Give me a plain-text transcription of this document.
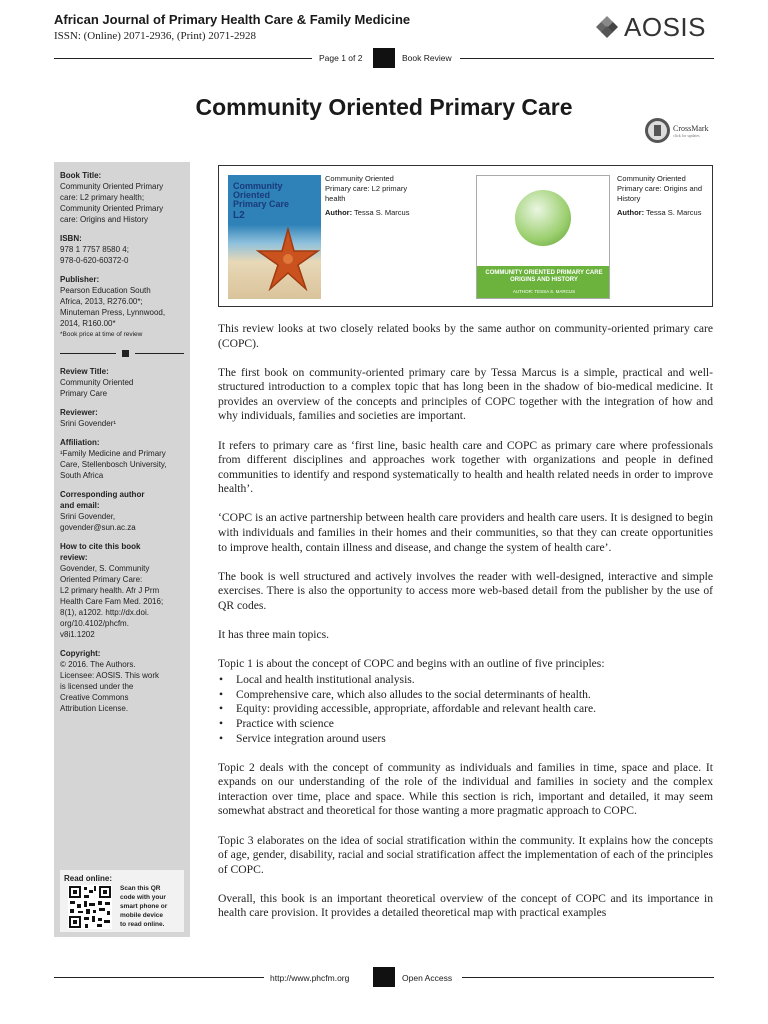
African Journal of Primary Health Care & Family Medicine
ISSN: (Online) 2071-2936, (Print) 2071-2928	AOSIS
Page 1 of 2	Book Review
Community Oriented Primary Care
CrossMark
click for updates
Book Title:
Community Oriented Primary
care: L2 primary health;
Community Oriented Primary
care: Origins and History
ISBN:
978 1 7757 8580 4;
978-0-620-60372-0
Publisher:
Pearson Education South
Africa, 2013, R276.00*;
Minuteman Press, Lynnwood,
2014, R160.00*
*Book price at time of review
Review Title:
Community Oriented
Primary Care
Reviewer:
Srini Govender¹
Affiliation:
¹Family Medicine and Primary
Care, Stellenbosch University,
South Africa
Corresponding author
and email:
Srini Govender,
govender@sun.ac.za
How to cite this book
review:
Govender, S. Community
Oriented Primary Care:
L2 primary health. Afr J Prm
Health Care Fam Med. 2016;
8(1), a1202. http://dx.doi.
org/10.4102/phcfm.
v8i1.1202
Copyright:
© 2016. The Authors.
Licensee: AOSIS. This work
is licensed under the
Creative Commons
Attribution License.
Read online:
Scan this QR
code with your
smart phone or
mobile device
to read online.
Community
Oriented
Primary Care
L2
Community Oriented
Primary care: L2 primary
health
Author: Tessa S. Marcus
COMMUNITY ORIENTED PRIMARY CARE ORIGINS AND HISTORY
AUTHOR: TESSA S. MARCUS
Community Oriented
Primary care: Origins and
History
Author: Tessa S. Marcus

This review looks at two closely related books by the same author on community-oriented primary care (COPC).

The first book on community-oriented primary care by Tessa Marcus is a simple, practical and well-structured introduction to a complex topic that has long been in the shadow of bio-medical medicine. It provides an overview of the concepts and principles of COPC together with the integration of how and why individuals, families and societies are important.

It refers to primary care as ‘first line, basic health care and COPC as primary care where professionals from different disciplines and approaches work together with organizations and people in defined communities to identify and respond systematically to health and health related needs in order to improve health’.

‘COPC is an active partnership between health care providers and health care users. It is designed to begin with individuals and families in their homes and their communities, so that they can create opportunities to improve health, contain illness and disease, and change the system of health care’.

The book is well structured and actively involves the reader with well-designed, interactive and simple exercises. There is also the opportunity to access more web-based detail from the publisher by the use of QR codes.

It has three main topics.

Topic 1 is about the concept of COPC and begins with an outline of five principles:

• Local and health institutional analysis.
• Comprehensive care, which also alludes to the social determinants of health.
• Equity: providing accessible, appropriate, affordable and relevant health care.
• Practice with science
• Service integration around users

Topic 2 deals with the concept of community as individuals and families in time, space and place. It expands on our understanding of the role of the individual and families in society and the complex interaction over time, place and space. While this section is rich, important and detailed, it may seem somewhat abstract and theoretical for those wanting a more pragmatic approach to COPC.

Topic 3 elaborates on the idea of social stratification within the community. It explains how the concepts of age, gender, disability, racial and social stratification affect the implementation of each of the principles of COPC.

Overall, this book is an important theoretical overview of the concept of COPC and its importance in health care provision. It provides a detailed theoretical map with practical examples

http://www.phcfm.org	Open Access
